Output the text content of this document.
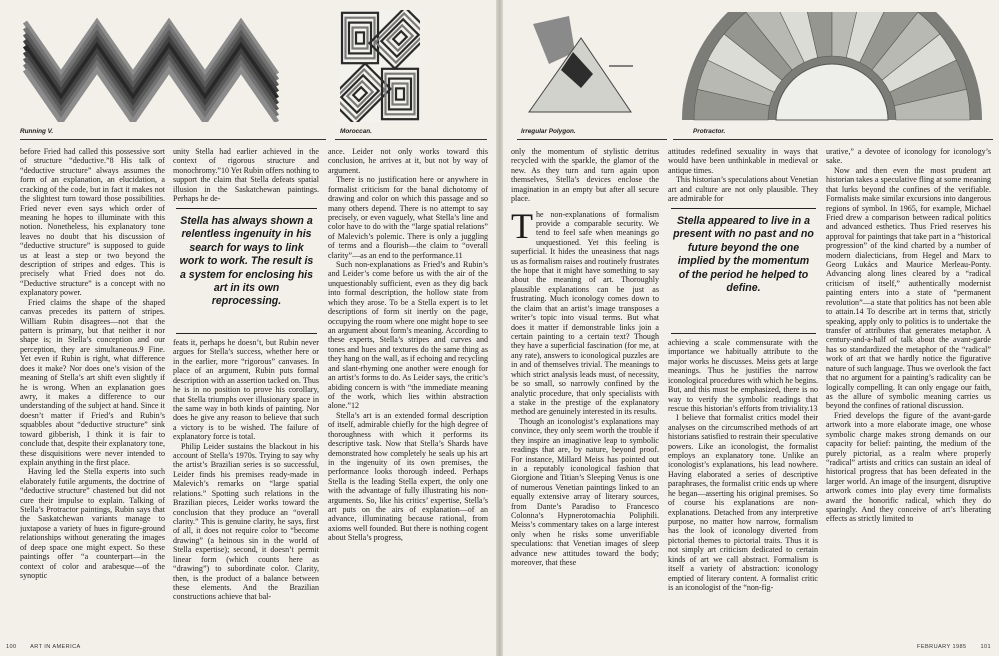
Running V.	Moroccan.

before Fried had called this possessive sort of structure “deductive.”8 His talk of “deductive structure” always assumes the form of an explanation, an elucidation, a cracking of the code, but in fact it makes not the slightest turn toward those possibilities. Fried never even says which order of meaning he hopes to illuminate with this notion. Nonetheless, his explanatory tone leaves no doubt that his discussion of “deductive structure” is supposed to guide us at least a step or two beyond the description of stripes and edges. This is precisely what Fried does not do. “Deductive structure” is a concept with no explanatory power.

Fried claims the shape of the shaped canvas precedes its pattern of stripes. William Rubin disagrees—not that the pattern is primary, but that neither it nor shape is; in Stella’s conception and our perception, they are simultaneous.9 Fine. Yet even if Rubin is right, what difference does it make? Nor does one’s vision of the meaning of Stella’s art shift even slightly if he is wrong. When an explanation goes awry, it makes a difference to our understanding of the subject at hand. Since it doesn’t matter if Fried’s and Rubin’s squabbles about “deductive structure” sink toward gibberish, I think it is fair to conclude that, despite their explanatory tone, these disquisitions were never intended to explain anything in the first place.

Having led the Stella experts into such elaborately futile arguments, the doctrine of “deductive structure” chastened but did not cure their impulse to explain. Talking of Stella’s Protractor paintings, Rubin says that the Saskatchewan variants manage to juxtapose a variety of hues in figure-ground relationships without generating the images of deep space one might expect. So these paintings offer “a counterpart—in the context of color and arabesque—of the synoptic

unity Stella had earlier achieved in the context of rigorous structure and monochromy.”10 Yet Rubin offers nothing to support the claim that Stella defeats spatial illusion in the Saskatchewan paintings. Perhaps he de-

Stella has always shown a relentless ingenuity in his search for ways to link work to work. The result is a system for enclosing his art in its own reprocessing.

feats it, perhaps he doesn’t, but Rubin never argues for Stella’s success, whether here or in the earlier, more “rigorous” canvases. In place of an argument, Rubin puts formal description with an assertion tacked on. Thus he is in no position to prove his corollary, that Stella triumphs over illusionary space in the same way in both kinds of painting. Nor does he give any reason to believe that such a victory is to be wished. The failure of explanatory force is total.

Philip Leider sustains the blackout in his account of Stella’s 1970s. Trying to say why the artist’s Brazilian series is so successful, Leider finds his premises ready-made in Malevich’s remarks on “large spatial relations.” Spotting such relations in the Brazilian pieces, Leider works toward the conclusion that they produce an “overall clarity.” This is genuine clarity, he says, first of all, it does not require color to “become drawing” (a heinous sin in the world of Stella expertise); second, it doesn’t permit linear form (which counts here as “drawing”) to subordinate color. Clarity, then, is the product of a balance between these elements. And the Brazilian constructions achieve that bal-

ance. Leider not only works toward this conclusion, he arrives at it, but not by way of argument.

There is no justification here or anywhere in formalist criticism for the banal dichotomy of drawing and color on which this passage and so many others depend. There is no attempt to say precisely, or even vaguely, what Stella’s line and color have to do with the “large spatial relations” of Malevich’s polemic. There is only a juggling of terms and a flourish—the claim to “overall clarity”—as an end to the performance.11

Such non-explanations as Fried’s and Rubin’s and Leider’s come before us with the air of the unquestionably sufficient, even as they dig back into formal description, the hollow state from which they arose. To be a Stella expert is to let descriptions of form sit inertly on the page, occupying the room where one might hope to see an argument about form’s meaning. According to these experts, Stella’s stripes and curves and tones and hues and textures do the same thing as they hang on the wall, as if echoing and recycling and slant-rhyming one another were enough for an artist’s forms to do. As Leider says, the critic’s abiding concern is with “the immediate meaning of the work, which lies within abstraction alone.”12

Stella’s art is an extended formal description of itself, admirable chiefly for the high degree of thoroughness with which it performs its descriptive task. Now that Stella’s Shards have demonstrated how completely he seals up his art in the ingenuity of its own premises, the performance looks thorough indeed. Perhaps Stella is the leading Stella expert, the only one with the advantage of fully illustrating his non-arguments. So, like his critics’ expertise, Stella’s art puts on the airs of explanation—of an advance, illuminating because rational, from axioms well founded. But there is nothing cogent about Stella’s progress,

100 ART IN AMERICA
Irregular Polygon.	Protractor.

only the momentum of stylistic detritus recycled with the sparkle, the glamor of the new. As they turn and turn again upon themselves, Stella’s devices enclose the imagination in an empty but after all secure place.

The non-explanations of formalism provide a comparable security. We tend to feel safe when meanings go unquestioned. Yet this feeling is superficial. It hides the uneasiness that nags us as formalism raises and routinely frustrates the hope that it might have something to say about the meaning of art. Thoroughly plausible explanations can be just as frustrating. Much iconology comes down to the claim that an artist’s image transposes a writer’s topic into visual terms. But what does it matter if demonstrable links join a certain painting to a certain text? Though they have a superficial fascination (for me, at any rate), answers to iconological puzzles are in and of themselves trivial. The meanings to which strict analysis leads must, of necessity, be so small, so narrowly confined by the analytic procedure, that only specialists with a stake in the prestige of the explanatory method are genuinely interested in its results.

Though an iconologist’s explanations may convince, they only seem worth the trouble if they inspire an imaginative leap to symbolic readings that are, by nature, beyond proof. For instance, Millard Meiss has pointed out in a reputably iconological fashion that Giorgione and Titian’s Sleeping Venus is one of numerous Venetian paintings linked to an equally extensive array of literary sources, from Dante’s Paradiso to Francesco Colonna’s Hypnerotomachia Poliphili. Meiss’s commentary takes on a large interest only when he risks some unverifiable speculations: that Venetian images of sleep advance new attitudes toward the body; moreover, that these

attitudes redefined sexuality in ways that would have been unthinkable in medieval or antique times.

This historian’s speculations about Venetian art and culture are not only plausible. They are admirable for

Stella appeared to live in a present with no past and no future beyond the one implied by the momentum of the period he helped to define.

achieving a scale commensurate with the importance we habitually attribute to the major works he discusses. Meiss gets at large meanings. Thus he justifies the narrow iconological procedures with which he begins. But, and this must be emphasized, there is no way to verify the symbolic readings that rescue this historian’s efforts from triviality.13

I believe that formalist critics model their analyses on the circumscribed methods of art historians satisfied to restrain their speculative powers. Like an iconologist, the formalist employs an explanatory tone. Unlike an iconologist’s explanations, his lead nowhere. Having elaborated a series of descriptive paraphrases, the formalist critic ends up where he began—asserting his original premises. So of course his explanations are non-explanations. Detached from any interpretive purpose, no matter how narrow, formalism has the look of iconology diverted from pictorial themes to pictorial traits. Thus it is not simply art criticism dedicated to certain kinds of art we call abstract. Formalism is itself a variety of abstraction: iconology emptied of literary content. A formalist critic is an iconologist of the “non-fig-

urative,” a devotee of iconology for iconology’s sake.

Now and then even the most prudent art historian takes a speculative fling at some meaning that lurks beyond the confines of the verifiable. Formalists make similar excursions into dangerous regions of symbol. In 1965, for example, Michael Fried drew a comparison between radical politics and advanced esthetics. Thus Fried reserves his approval for paintings that take part in a “historical progression” of the kind charted by a number of modern dialecticians, from Hegel and Marx to Georg Lukács and Maurice Merleau-Ponty. Advancing along lines cleared by a “radical criticism of itself,” authentically modernist painting enters into a state of “permanent revolution”—a state that politics has not been able to attain.14 To describe art in terms that, strictly speaking, apply only to politics is to undertake the transfer of attributes that generates metaphor. A century-and-a-half of talk about the avant-garde has so standardized the metaphor of the “radical” work of art that we hardly notice the figurative nature of such language. Thus we overlook the fact that no argument for a painting’s radicality can be logically compelling. It can only engage our faith, as the allure of symbolic meaning carries us beyond the confines of rational discussion.

Fried develops the figure of the avant-garde artwork into a more elaborate image, one whose symbolic charge makes strong demands on our capacity for belief: painting, the medium of the purely pictorial, as a realm where properly “radical” artists and critics can sustain an ideal of historical progress that has been defeated in the larger world. An image of the insurgent, disruptive artwork comes into play every time formalists award the honorific radical, which they do sparingly. And they conceive of art’s liberating effects as strictly limited to

FEBRUARY 1985 101
